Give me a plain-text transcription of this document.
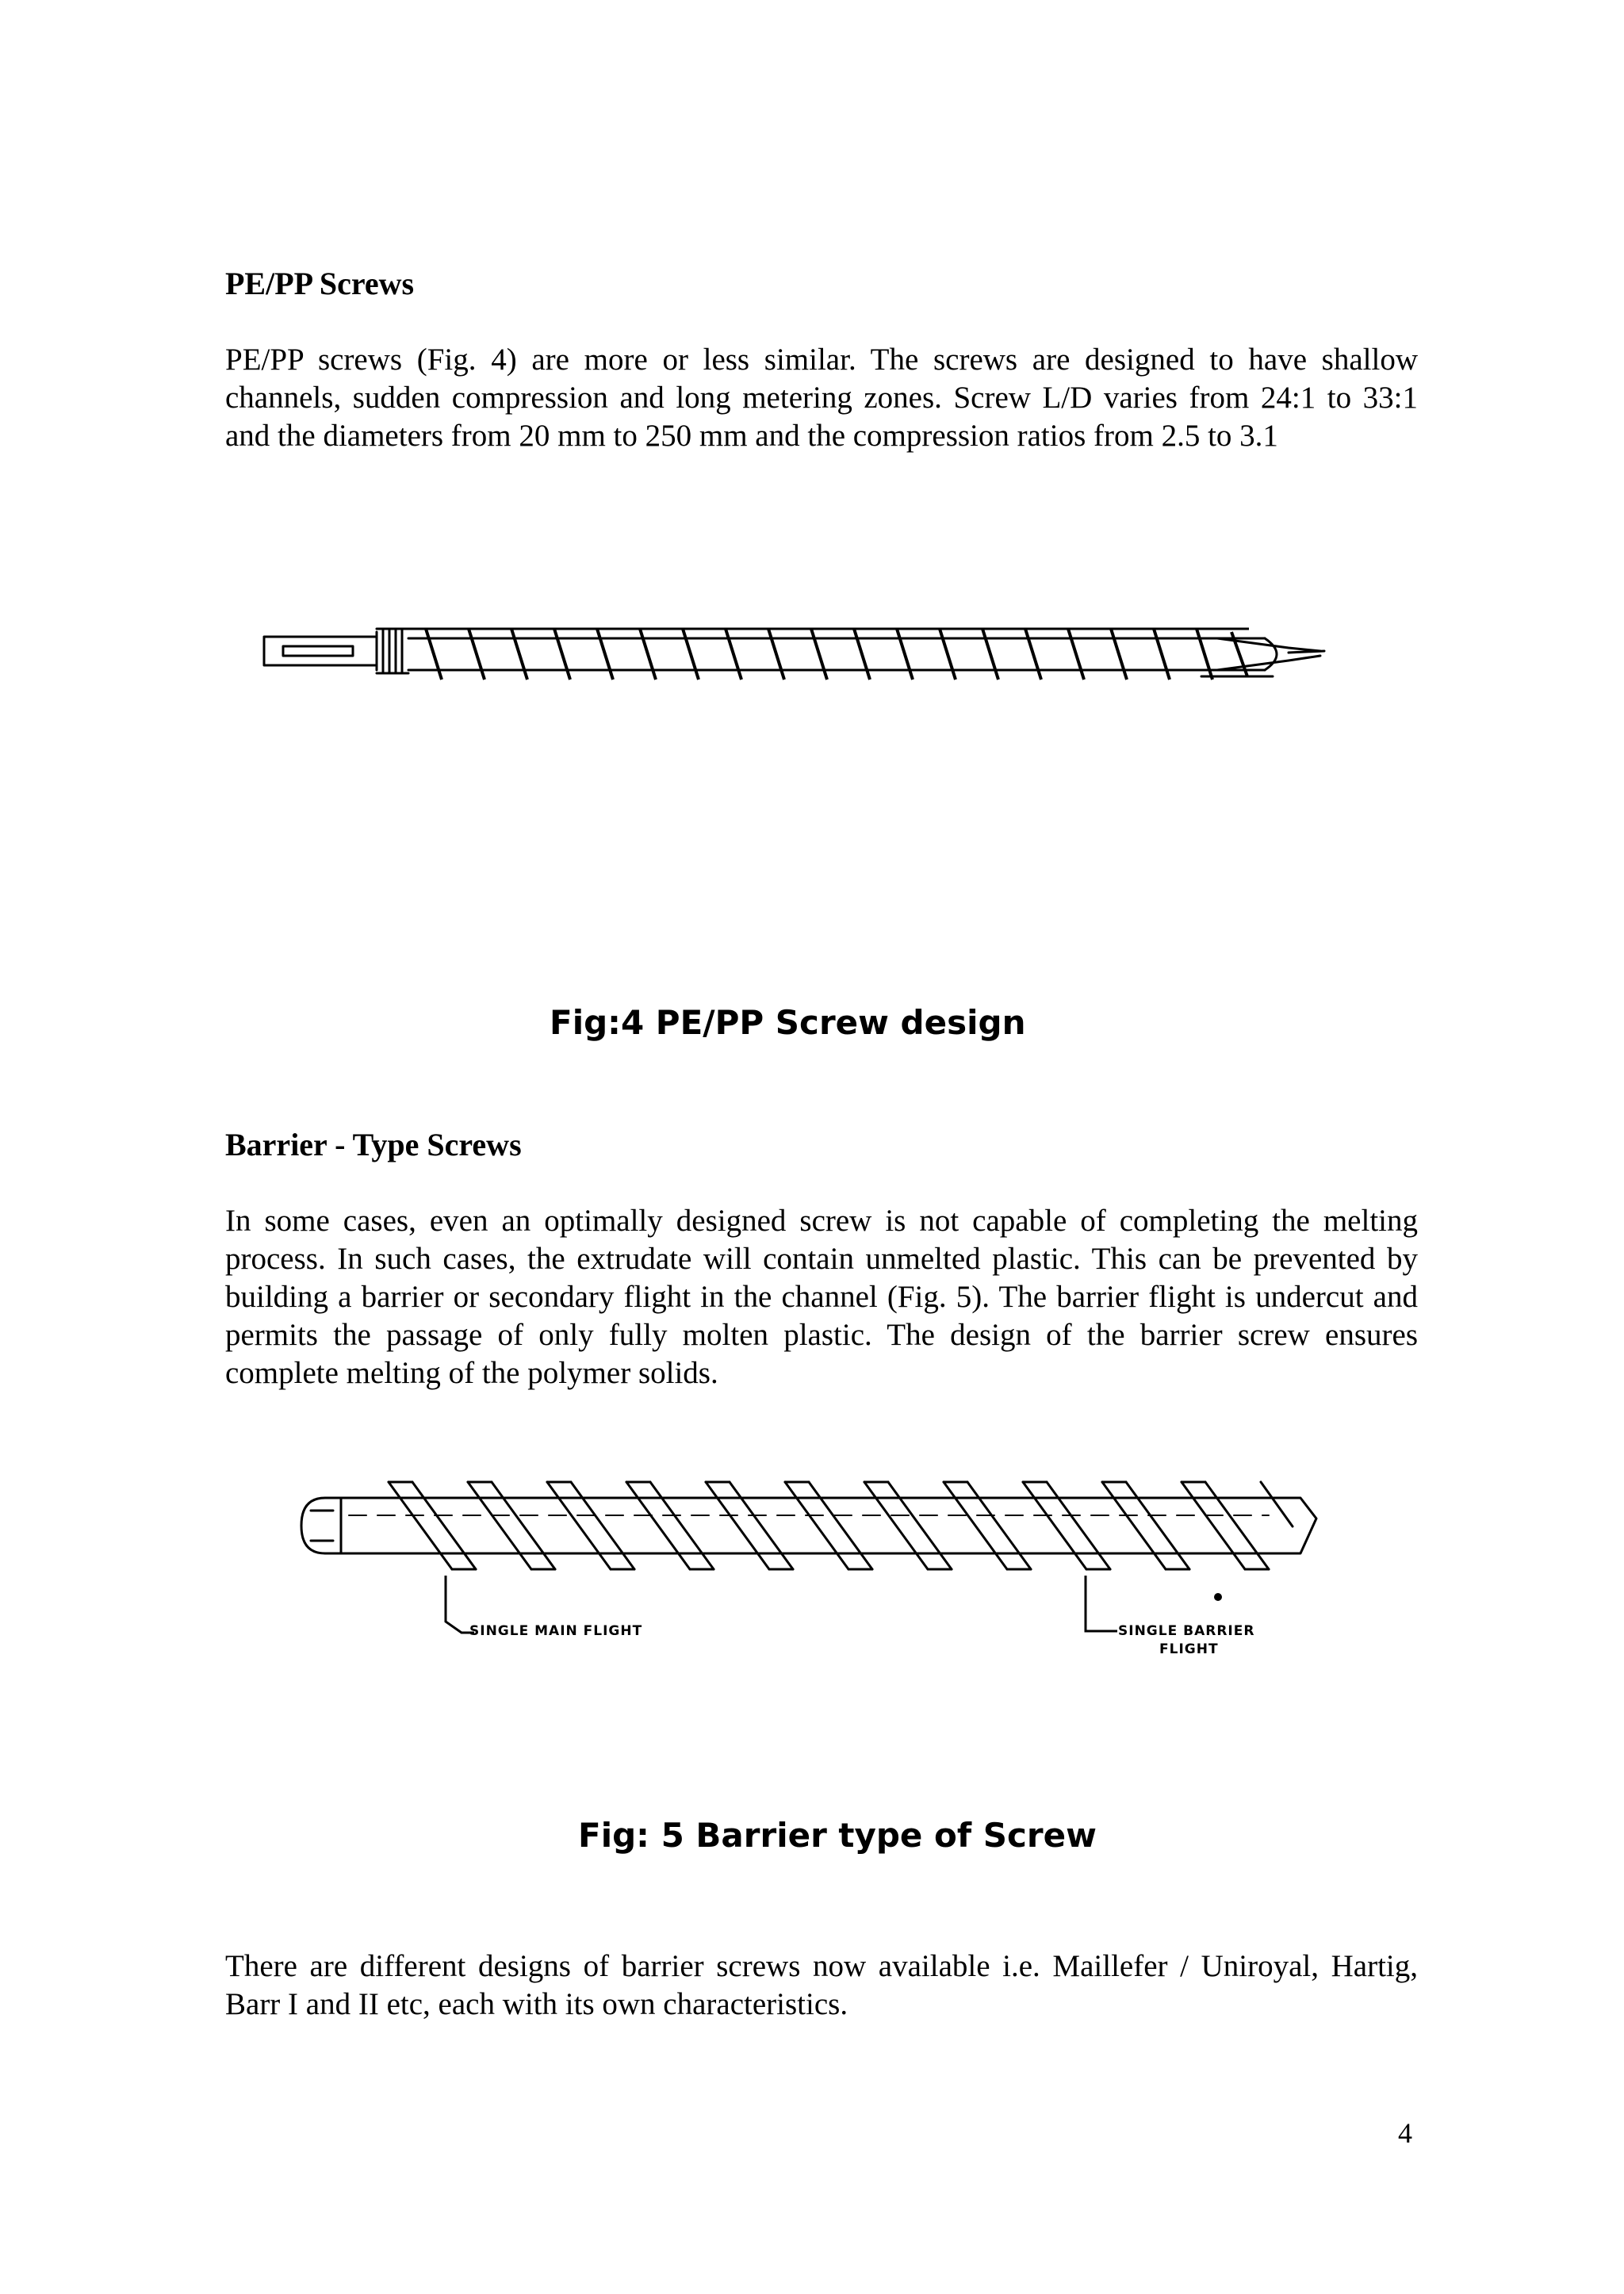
PE/PP Screws

PE/PP screws (Fig. 4) are more or less similar. The screws are designed to have shallow channels, sudden compression and long metering zones. Screw L/D varies from 24:1 to 33:1 and the diameters from 20 mm to 250 mm and the compression ratios from 2.5 to 3.1

Fig:4 PE/PP Screw design
Barrier - Type Screws

In some cases, even an optimally designed screw is not capable of completing the melting process. In such cases, the extrudate will contain unmelted plastic. This can be prevented by building a barrier or secondary flight in the channel (Fig. 5). The barrier flight is undercut and permits the passage of only fully molten plastic. The design of the barrier screw ensures complete melting of the polymer solids.

SINGLE MAIN FLIGHT	SINGLE BARRIER
FLIGHT
Fig: 5 Barrier type of Screw

There are different designs of barrier screws now available i.e. Maillefer / Uniroyal, Hartig, Barr I and II etc, each with its own characteristics.

4
